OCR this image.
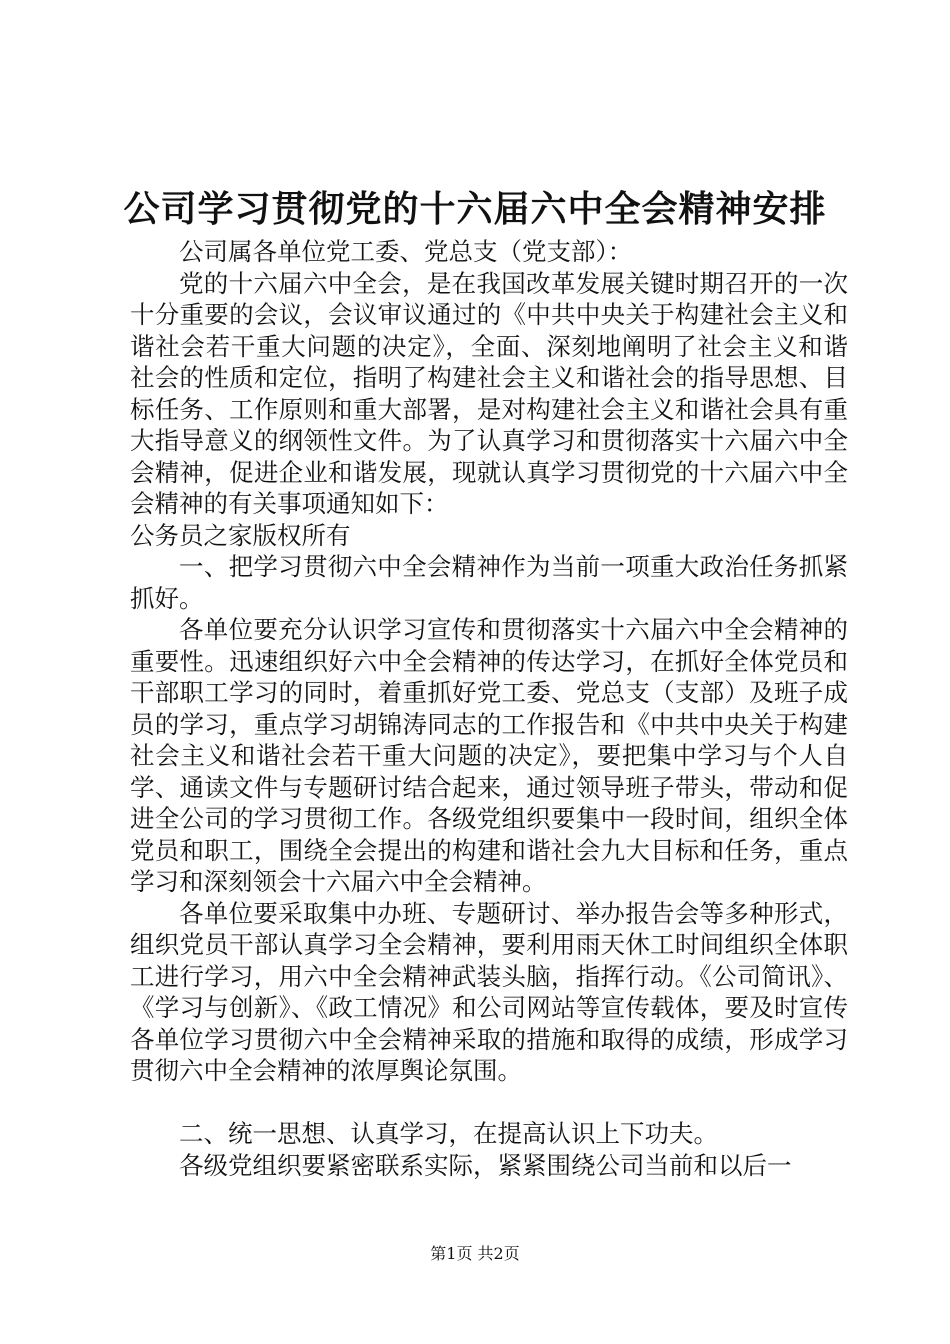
公司学习贯彻党的十六届六中全会精神安排

公司属各单位党工委、党总支（党支部）：

党的十六届六中全会，是在我国改革发展关键时期召开的一次十分重要的会议，会议审议通过的《中共中央关于构建社会主义和谐社会若干重大问题的决定》，全面、深刻地阐明了社会主义和谐社会的性质和定位，指明了构建社会主义和谐社会的指导思想、目标任务、工作原则和重大部署，是对构建社会主义和谐社会具有重大指导意义的纲领性文件。为了认真学习和贯彻落实十六届六中全会精神，促进企业和谐发展，现就认真学习贯彻党的十六届六中全会精神的有关事项通知如下：

公务员之家版权所有

一、把学习贯彻六中全会精神作为当前一项重大政治任务抓紧抓好。

各单位要充分认识学习宣传和贯彻落实十六届六中全会精神的重要性。迅速组织好六中全会精神的传达学习，在抓好全体党员和干部职工学习的同时，着重抓好党工委、党总支（支部）及班子成员的学习，重点学习胡锦涛同志的工作报告和《中共中央关于构建社会主义和谐社会若干重大问题的决定》，要把集中学习与个人自学、通读文件与专题研讨结合起来，通过领导班子带头，带动和促进全公司的学习贯彻工作。各级党组织要集中一段时间，组织全体党员和职工，围绕全会提出的构建和谐社会九大目标和任务，重点学习和深刻领会十六届六中全会精神。

各单位要采取集中办班、专题研讨、举办报告会等多种形式，组织党员干部认真学习全会精神，要利用雨天休工时间组织全体职工进行学习，用六中全会精神武装头脑，指挥行动。《公司简讯》、《学习与创新》、《政工情况》和公司网站等宣传载体，要及时宣传各单位学习贯彻六中全会精神采取的措施和取得的成绩，形成学习贯彻六中全会精神的浓厚舆论氛围。

二、统一思想、认真学习，在提高认识上下功夫。

各级党组织要紧密联系实际，紧紧围绕公司当前和以后一

第1页 共2页
